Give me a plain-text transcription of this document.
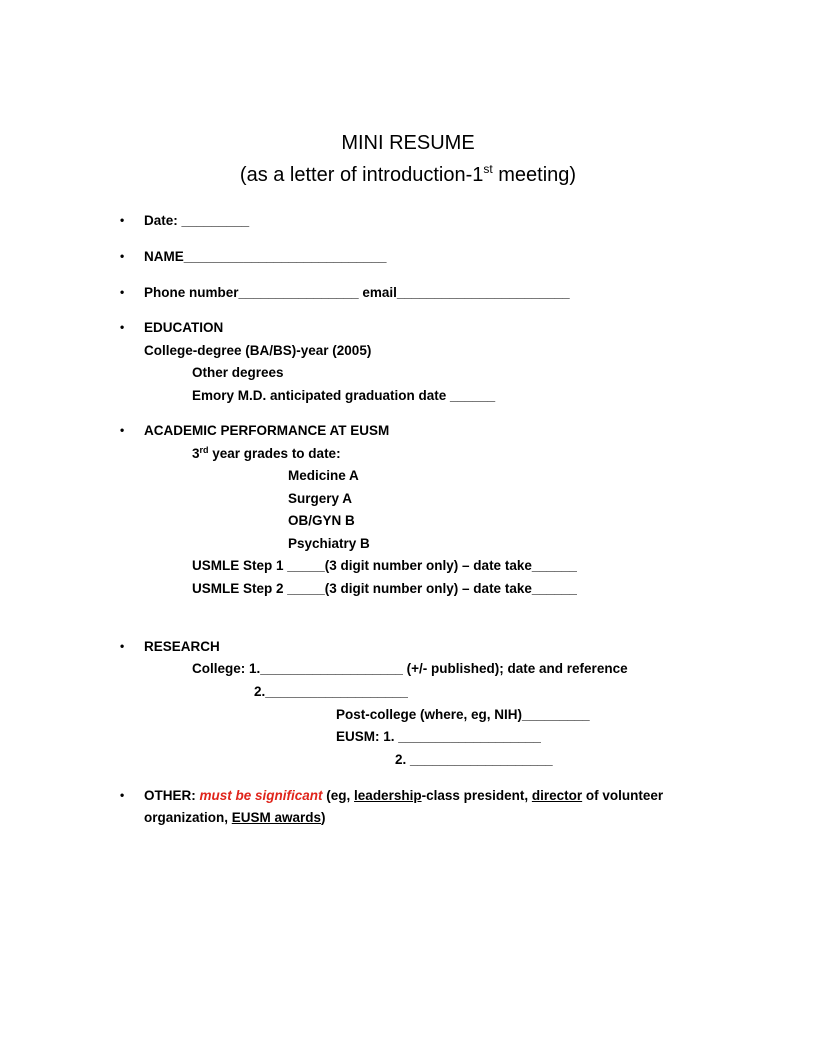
MINI RESUME
(as a letter of introduction-1st meeting)
• Date: _________
• NAME___________________________
• Phone number________________ email_______________________
• EDUCATION
College-degree (BA/BS)-year (2005)
Other degrees
Emory M.D. anticipated graduation date ______
• ACADEMIC PERFORMANCE AT EUSM
3rd year grades to date:
Medicine A
Surgery A
OB/GYN B
Psychiatry B
USMLE Step 1 _____(3 digit number only) – date take______
USMLE Step 2 _____(3 digit number only) – date take______
• RESEARCH
College: 1.___________________ (+/- published); date and reference
2.___________________
Post-college (where, eg, NIH)_________
EUSM: 1. ___________________
2. ___________________
• OTHER: must be significant (eg, leadership-class president, director of volunteer
organization, EUSM awards)
